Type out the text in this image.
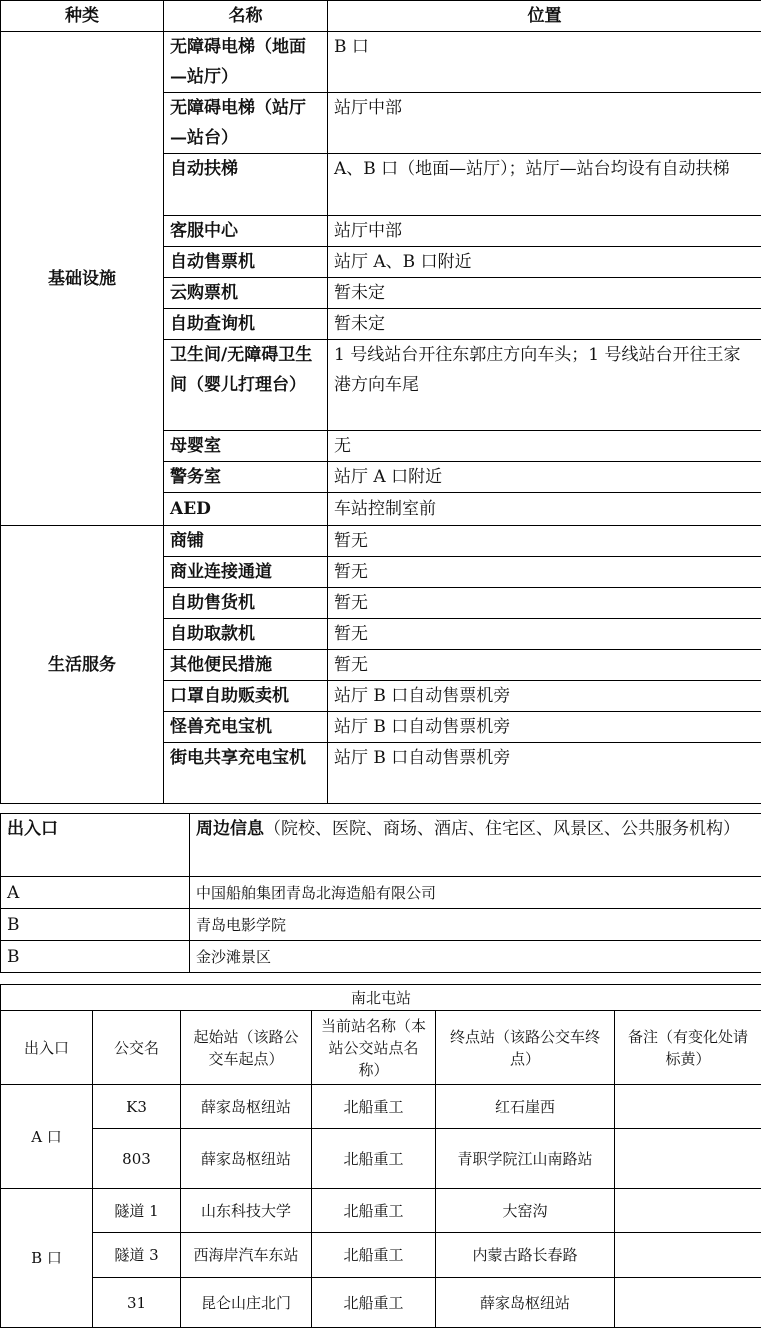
种类	名称	位置
基础设施	无障碍电梯（地面—站厅）	B 口
	无障碍电梯（站厅—站台）	站厅中部
	自动扶梯	A、B 口（地面—站厅）；站厅—站台均设有自动扶梯
	客服中心	站厅中部
	自动售票机	站厅 A、B 口附近
	云购票机	暂未定
	自助查询机	暂未定
	卫生间/无障碍卫生间（婴儿打理台）	1 号线站台开往东郭庄方向车头；1 号线站台开往王家港方向车尾
	母婴室	无
	警务室	站厅 A 口附近
	AED	车站控制室前
生活服务	商铺	暂无
	商业连接通道	暂无
	自助售货机	暂无
	自助取款机	暂无
	其他便民措施	暂无
	口罩自助贩卖机	站厅 B 口自动售票机旁
	怪兽充电宝机	站厅 B 口自动售票机旁
	街电共享充电宝机	站厅 B 口自动售票机旁
出入口	周边信息（院校、医院、商场、酒店、住宅区、风景区、公共服务机构）
A	中国船舶集团青岛北海造船有限公司
B	青岛电影学院
B	金沙滩景区
南北屯站					
出入口	公交名	起始站（该路公交车起点）	当前站名称（本站公交站点名称）	终点站（该路公交车终点）	备注（有变化处请标黄）
A 口	K3	薛家岛枢纽站	北船重工	红石崖西	
	803	薛家岛枢纽站	北船重工	青职学院江山南路站	
B 口	隧道 1	山东科技大学	北船重工	大窑沟	
	隧道 3	西海岸汽车东站	北船重工	内蒙古路长春路	
	31	昆仑山庄北门	北船重工	薛家岛枢纽站	
